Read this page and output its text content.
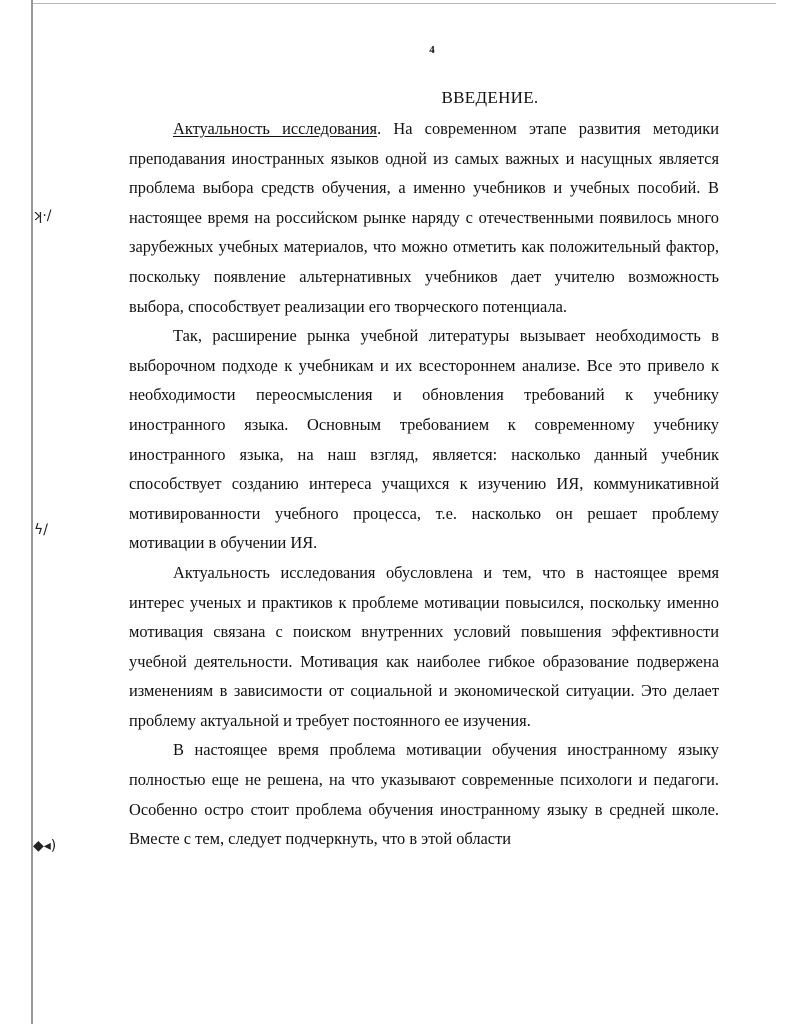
ʞ·/
ϟ/
◆◂)
4
ВВЕДЕНИЕ.

Актуальность исследования. На современном этапе развития методики преподавания иностранных языков одной из самых важных и насущных является проблема выбора средств обучения, а именно учебников и учебных пособий. В настоящее время на российском рынке наряду с отечественными появилось много зарубежных учебных материалов, что можно отметить как положительный фактор, поскольку появление альтернативных учебников дает учителю возможность выбора, способствует реализации его творческого потенциала.

Так, расширение рынка учебной литературы вызывает необходимость в выборочном подходе к учебникам и их всестороннем анализе. Все это привело к необходимости переосмысления и обновления требований к учебнику иностранного языка. Основным требованием к современному учебнику иностранного языка, на наш взгляд, является: насколько данный учебник способствует созданию интереса учащихся к изучению ИЯ, коммуникативной мотивированности учебного процесса, т.е. насколько он решает проблему мотивации в обучении ИЯ.

Актуальность исследования обусловлена и тем, что в настоящее время интерес ученых и практиков к проблеме мотивации повысился, поскольку именно мотивация связана с поиском внутренних условий повышения эффективности учебной деятельности. Мотивация как наиболее гибкое образование подвержена изменениям в зависимости от социальной и экономической ситуации. Это делает проблему актуальной и требует постоянного ее изучения.

В настоящее время проблема мотивации обучения иностранному языку полностью еще не решена, на что указывают современные психологи и педагоги. Особенно остро стоит проблема обучения иностранному языку в средней школе. Вместе с тем, следует подчеркнуть, что в этой области
